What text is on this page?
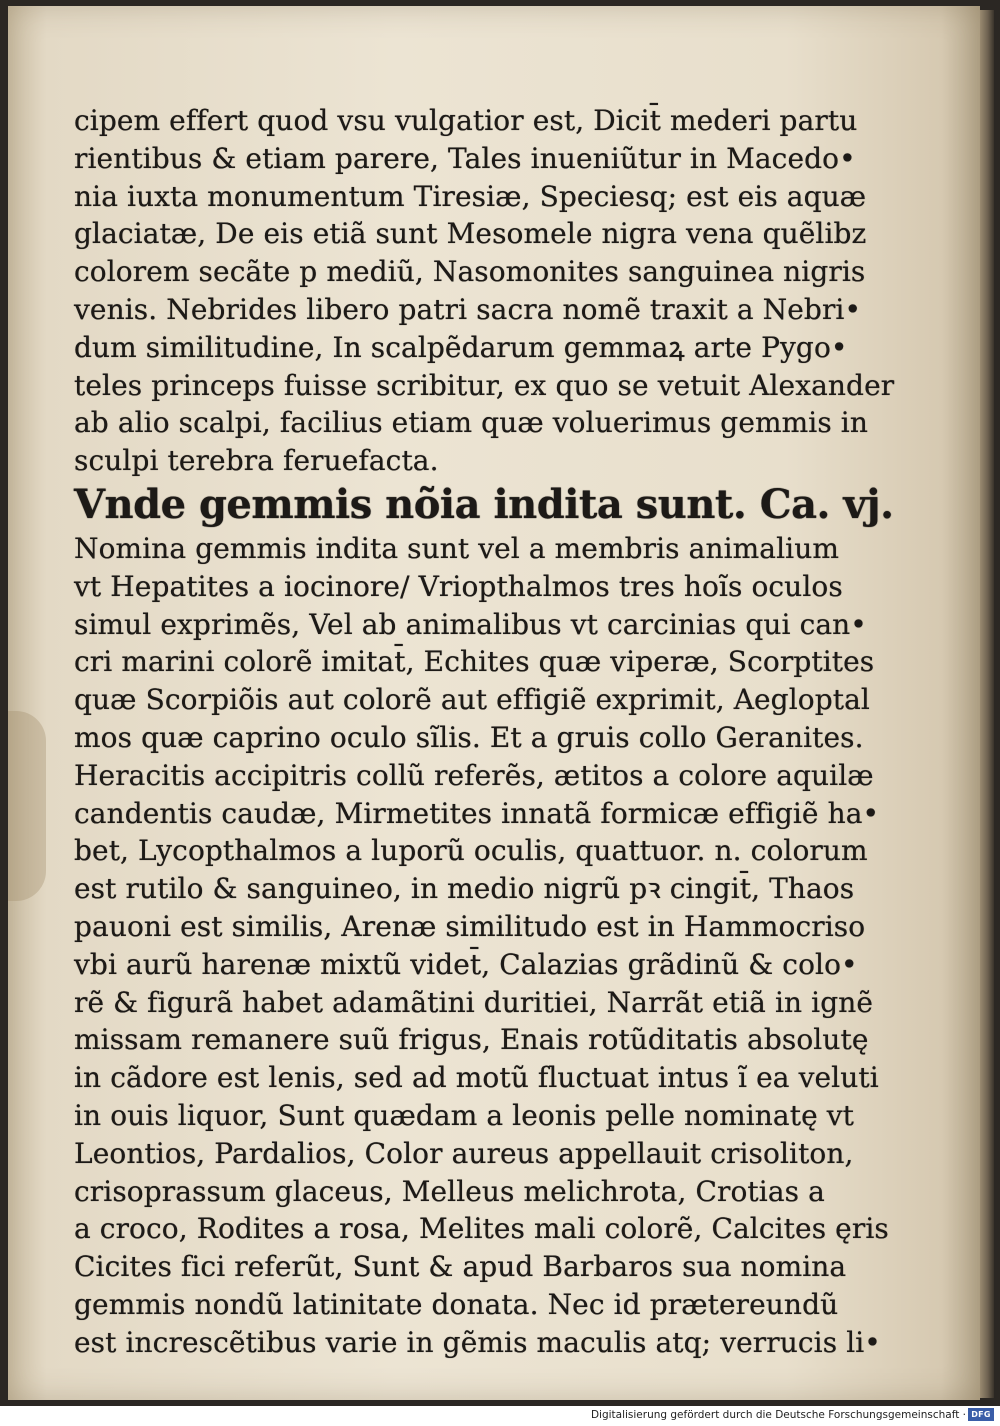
cipem effert quod vsu vulgatior est, Dicit̄ mederi partu
rientibus & etiam parere, Tales inueniũtur in Macedo•
nia iuxta monumentum Tiresiæ, Speciesq; est eis aquæ
glaciatæ, De eis etiã sunt Mesomele nigra vena quẽlibz
colorem secãte p mediũ, Nasomonites sanguinea nigris
venis. Nebrides libero patri sacra nomẽ traxit a Nebri•
dum similitudine, In scalpẽdarum gemmaꝝ arte Pygo•
teles princeps fuisse scribitur, ex quo se vetuit Alexander
ab alio scalpi, facilius etiam quæ voluerimus gemmis in
sculpi terebra feruefacta.
Vnde gemmis nõia indita sunt. Ca. vj.
Nomina gemmis indita sunt vel a membris animalium
vt Hepatites a iocinore/ Vriopthalmos tres hoĩs oculos
simul exprimẽs, Vel ab animalibus vt carcinias qui can•
cri marini colorẽ imitat̄, Echites quæ viperæ, Scorptites
quæ Scorpiõis aut colorẽ aut effigiẽ exprimit, Aegloptal
mos quæ caprino oculo sĩlis. Et a gruis collo Geranites.
Heracitis accipitris collũ referẽs, ætitos a colore aquilæ
candentis caudæ, Mirmetites innatã formicæ effigiẽ ha•
bet, Lycopthalmos a luporũ oculis, quattuor. n. colorum
est rutilo & sanguineo, in medio nigrũ pꝛ cingit̄, Thaos
pauoni est similis, Arenæ similitudo est in Hammocriso
vbi aurũ harenæ mixtũ videt̄, Calazias grãdinũ & colo•
rẽ & figurã habet adamãtini duritiei, Narrãt etiã in ignẽ
missam remanere suũ frigus, Enais rotũditatis absolutę
in cãdore est lenis, sed ad motũ fluctuat intus ĩ ea veluti
in ouis liquor, Sunt quædam a leonis pelle nominatę vt
Leontios, Pardalios, Color aureus appellauit crisoliton,
crisoprassum glaceus, Melleus melichrota, Crotias a
a croco, Rodites a rosa, Melites mali colorẽ, Calcites ęris
Cicites fici referũt, Sunt & apud Barbaros sua nomina
gemmis nondũ latinitate donata. Nec id prætereundũ
est increscẽtibus varie in gẽmis maculis atq; verrucis li•
Digitalisierung gefördert durch die Deutsche Forschungsgemeinschaft · DFG
